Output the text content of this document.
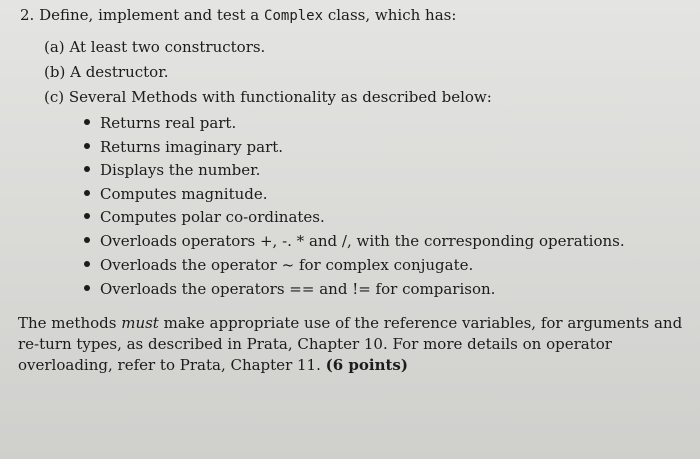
2. Define, implement and test a Complex class, which has:
(a) At least two constructors.
(b) A destructor.
(c) Several Methods with functionality as described below:
Returns real part.
Returns imaginary part.
Displays the number.
Computes magnitude.
Computes polar co-ordinates.
Overloads operators +, -. * and /, with the corresponding operations.
Overloads the operator ~ for complex conjugate.
Overloads the operators == and != for comparison.
The methods must make appropriate use of the reference variables, for arguments and re-turn types, as described in Prata, Chapter 10. For more details on operator overloading, refer to Prata, Chapter 11. (6 points)
